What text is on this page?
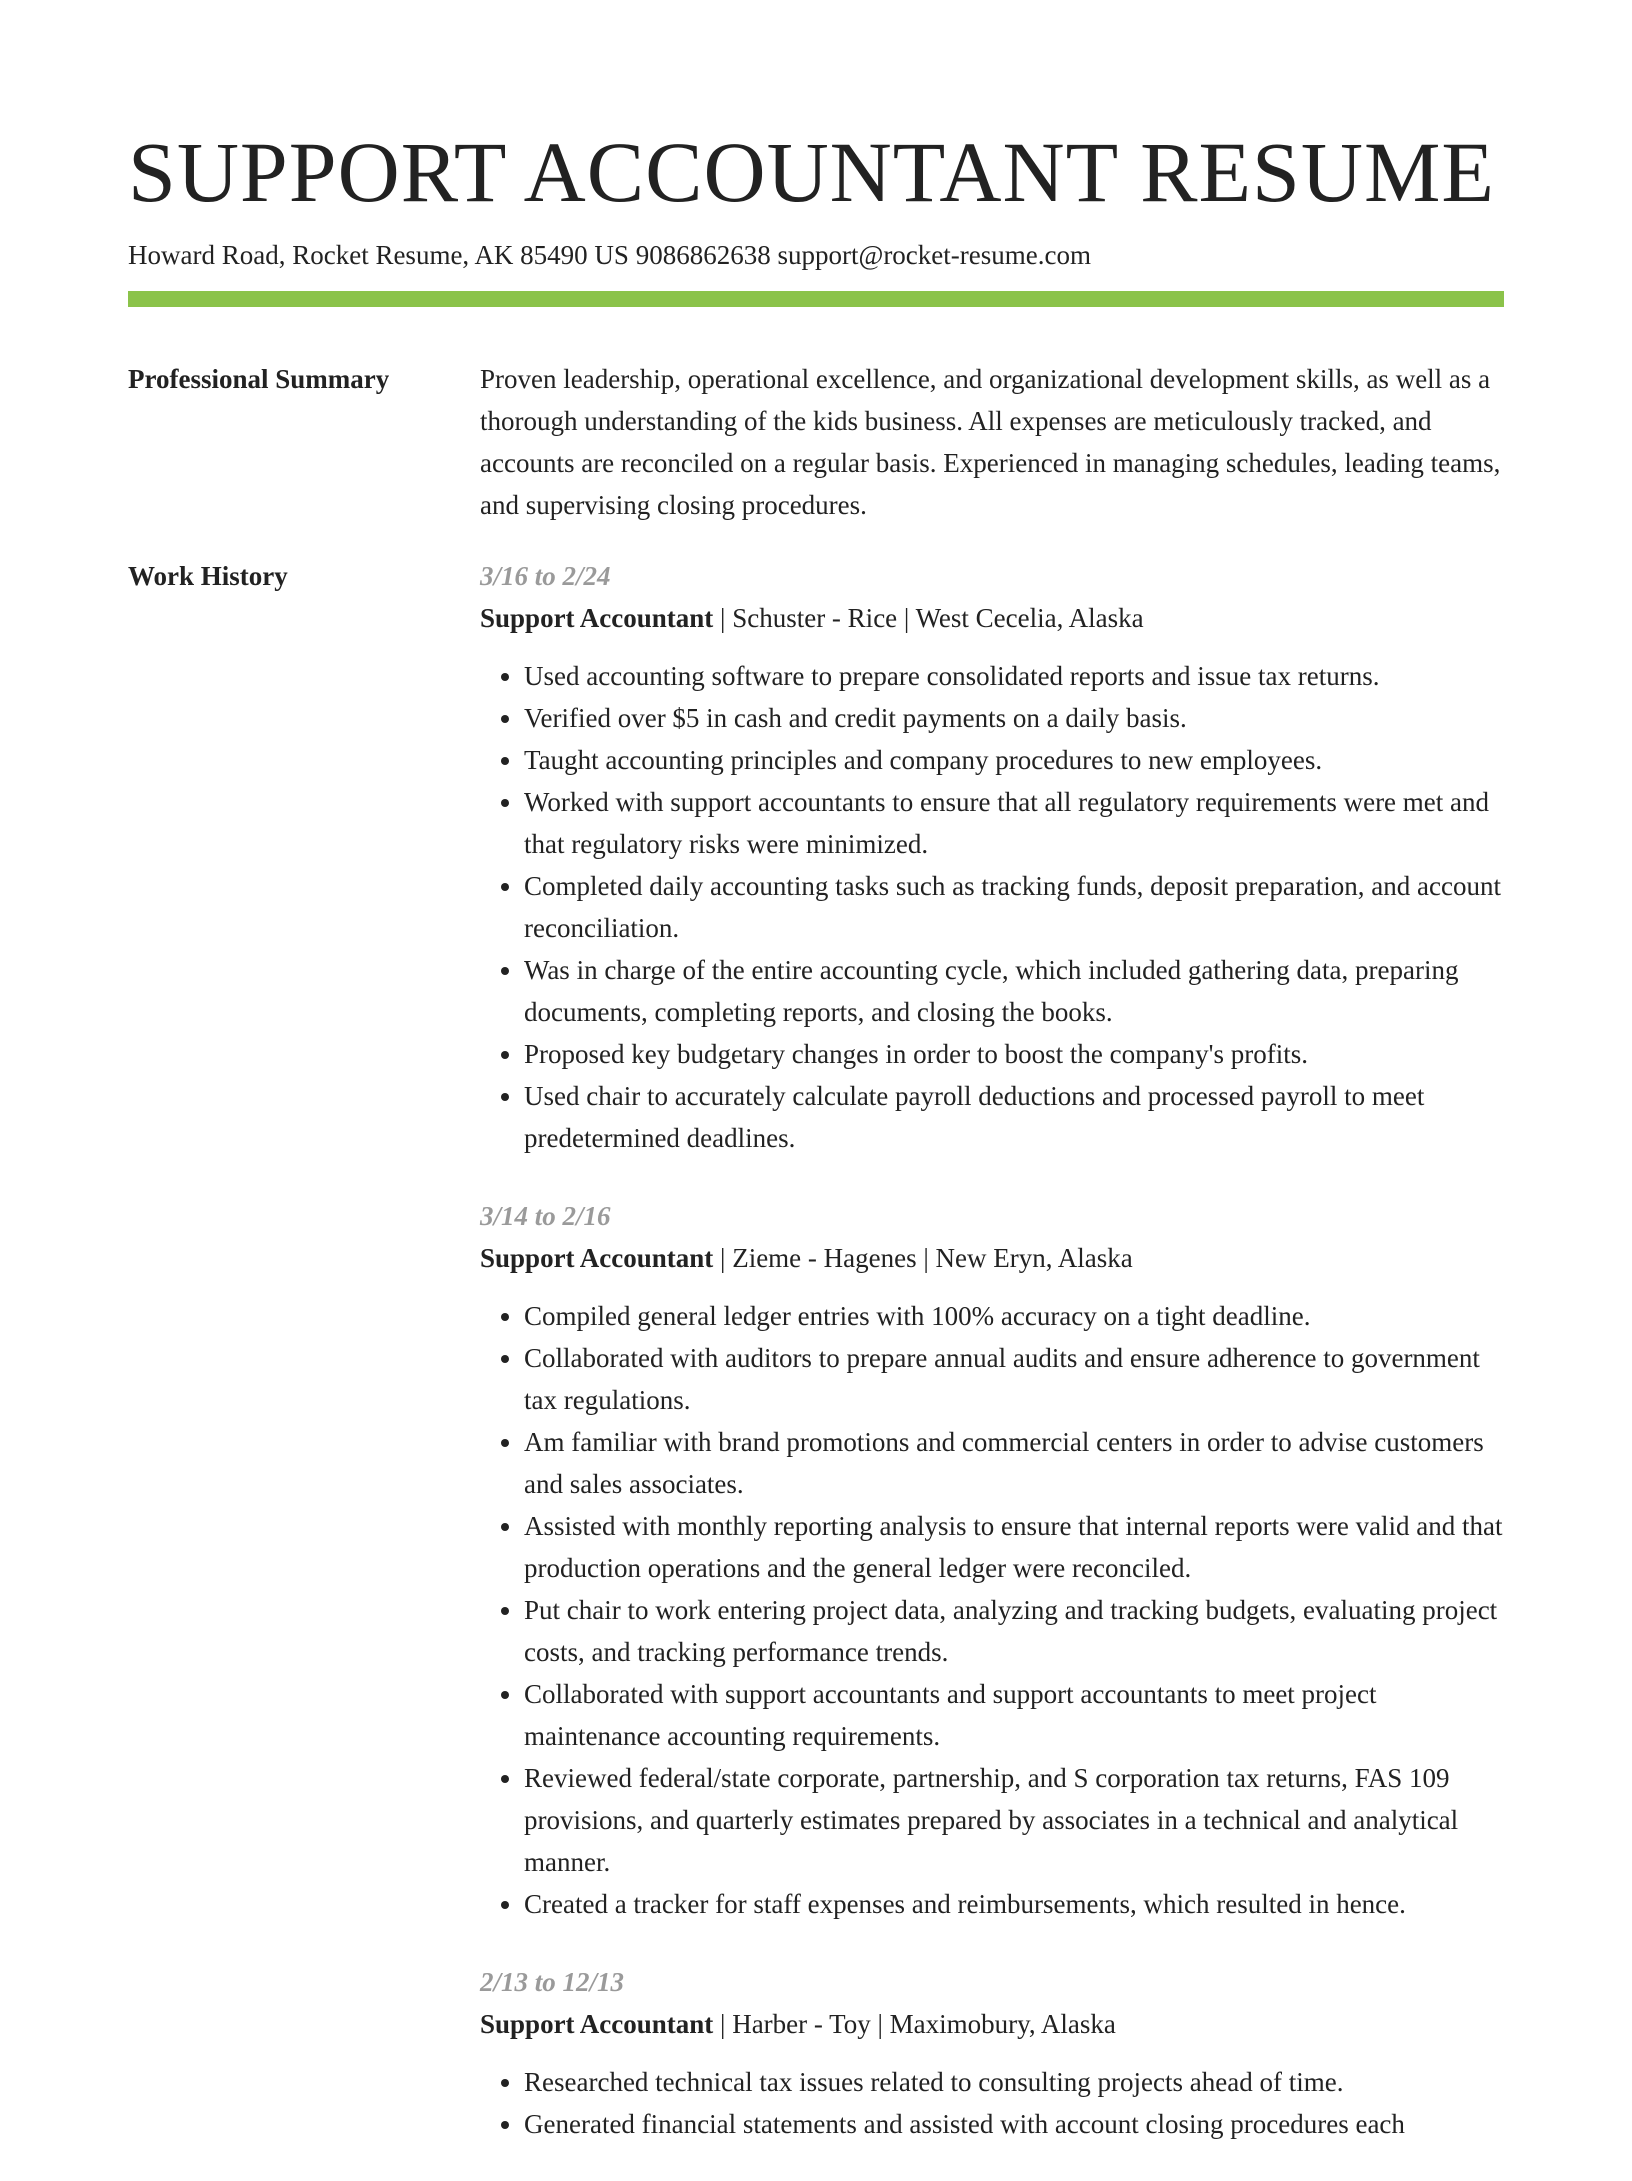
SUPPORT ACCOUNTANT RESUME
Howard Road, Rocket Resume, AK 85490 US 9086862638 support@rocket-resume.com
Professional Summary	Proven leadership, operational excellence, and organizational development skills, as well as a thorough understanding of the kids business. All expenses are meticulously tracked, and accounts are reconciled on a regular basis. Experienced in managing schedules, leading teams, and supervising closing procedures.
Work History	3/16 to 2/24
Support Accountant | Schuster - Rice | West Cecelia, Alaska
• Used accounting software to prepare consolidated reports and issue tax returns.
• Verified over $5 in cash and credit payments on a daily basis.
• Taught accounting principles and company procedures to new employees.
• Worked with support accountants to ensure that all regulatory requirements were met and that regulatory risks were minimized.
• Completed daily accounting tasks such as tracking funds, deposit preparation, and account reconciliation.
• Was in charge of the entire accounting cycle, which included gathering data, preparing documents, completing reports, and closing the books.
• Proposed key budgetary changes in order to boost the company's profits.
• Used chair to accurately calculate payroll deductions and processed payroll to meet predetermined deadlines.
3/14 to 2/16
Support Accountant | Zieme - Hagenes | New Eryn, Alaska
• Compiled general ledger entries with 100% accuracy on a tight deadline.
• Collaborated with auditors to prepare annual audits and ensure adherence to government tax regulations.
• Am familiar with brand promotions and commercial centers in order to advise customers and sales associates.
• Assisted with monthly reporting analysis to ensure that internal reports were valid and that production operations and the general ledger were reconciled.
• Put chair to work entering project data, analyzing and tracking budgets, evaluating project costs, and tracking performance trends.
• Collaborated with support accountants and support accountants to meet project maintenance accounting requirements.
• Reviewed federal/state corporate, partnership, and S corporation tax returns, FAS 109 provisions, and quarterly estimates prepared by associates in a technical and analytical manner.
• Created a tracker for staff expenses and reimbursements, which resulted in hence.
2/13 to 12/13
Support Accountant | Harber - Toy | Maximobury, Alaska
• Researched technical tax issues related to consulting projects ahead of time.
• Generated financial statements and assisted with account closing procedures each
